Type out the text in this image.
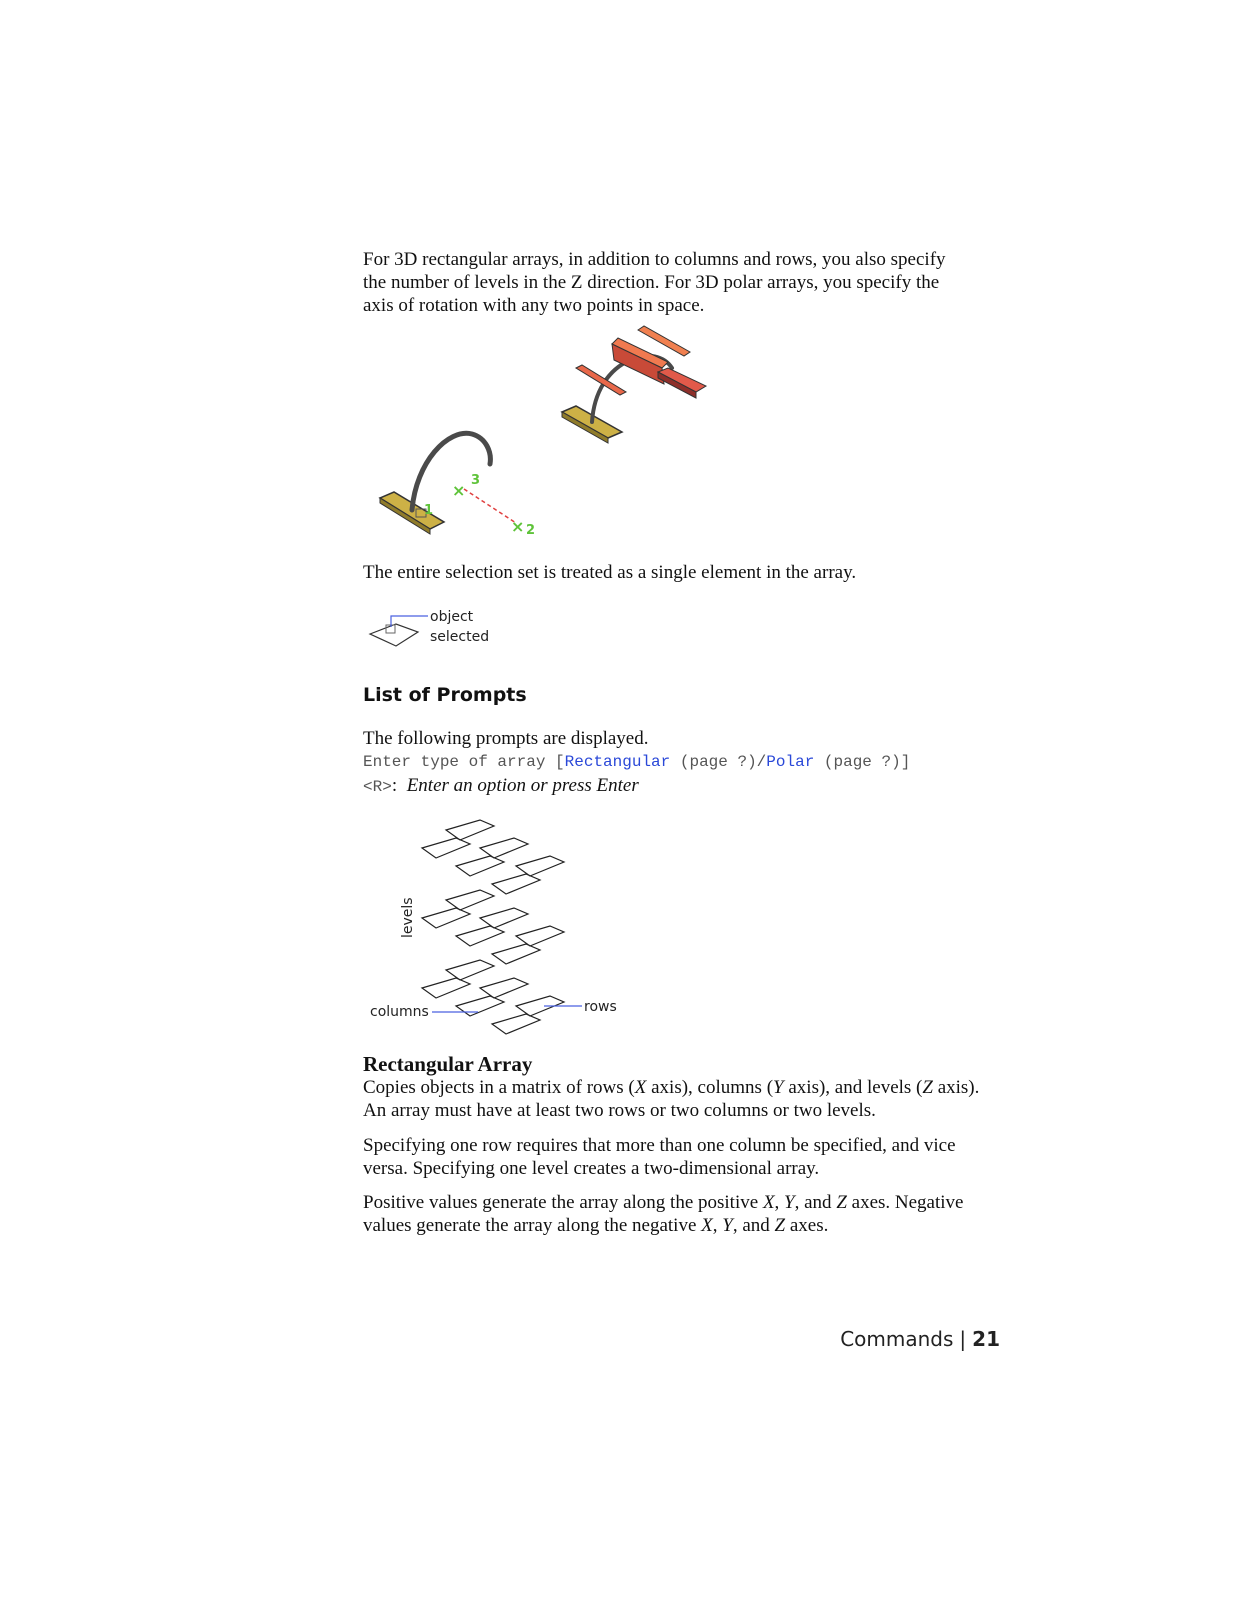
For 3D rectangular arrays, in addition to columns and rows, you also specify
the number of levels in the Z direction. For 3D polar arrays, you specify the
axis of rotation with any two points in space.
1
×
3
× 2
The entire selection set is treated as a single element in the array.
object
selected
List of Prompts
The following prompts are displayed.
Enter type of array [Rectangular (page ?)/Polar (page ?)]
<R>: Enter an option or press Enter
levels
columns	rows
Rectangular Array
Copies objects in a matrix of rows (X axis), columns (Y axis), and levels (Z axis). An array must have at least two rows or two columns or two levels.
Specifying one row requires that more than one column be specified, and vice versa. Specifying one level creates a two-dimensional array.
Positive values generate the array along the positive X, Y, and Z axes. Negative values generate the array along the negative X, Y, and Z axes.
Commands | 21
